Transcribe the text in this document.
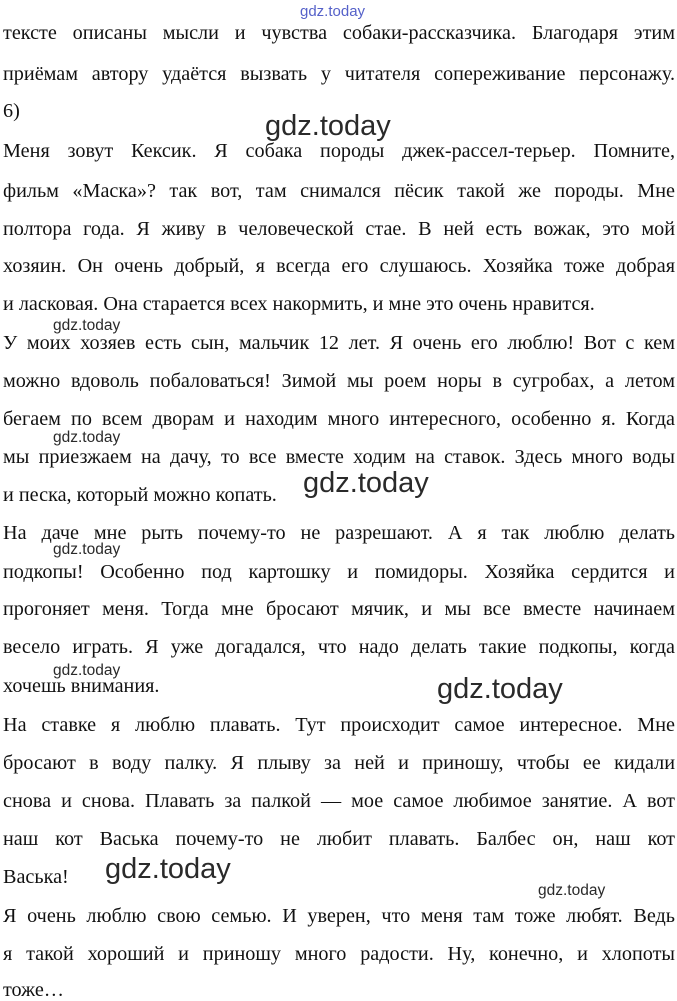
gdz.today
тексте описаны мысли и чувства собаки-рассказчика. Благодаря этим
приёмам автору удаётся вызвать у читателя сопереживание персонажу.
6)	gdz.today
Меня зовут Кексик. Я собака породы джек-рассел-терьер. Помните,
фильм «Маска»? так вот, там снимался пёсик такой же породы. Мне
полтора года. Я живу в человеческой стае. В ней есть вожак, это мой
хозяин. Он очень добрый, я всегда его слушаюсь. Хозяйка тоже добрая
и ласковая. Она старается всех накормить, и мне это очень нравится.
gdz.today
У моих хозяев есть сын, мальчик 12 лет. Я очень его люблю! Вот с кем
можно вдоволь побаловаться! Зимой мы роем норы в сугробах, а летом
бегаем по всем дворам и находим много интересного, особенно я. Когда
gdz.today
мы приезжаем на дачу, то все вместе ходим на ставок. Здесь много воды
gdz.today
и песка, который можно копать.
На даче мне рыть почему-то не разрешают. А я так люблю делать
gdz.today
подкопы! Особенно под картошку и помидоры. Хозяйка сердится и
прогоняет меня. Тогда мне бросают мячик, и мы все вместе начинаем
весело играть. Я уже догадался, что надо делать такие подкопы, когда
gdz.today
хочешь внимания.	gdz.today
На ставке я люблю плавать. Тут происходит самое интересное. Мне
бросают в воду палку. Я плыву за ней и приношу, чтобы ее кидали
снова и снова. Плавать за палкой — мое самое любимое занятие. А вот
наш кот Васька почему-то не любит плавать. Балбес он, наш кот
gdz.today
Васька!
gdz.today
Я очень люблю свою семью. И уверен, что меня там тоже любят. Ведь
я такой хороший и приношу много радости. Ну, конечно, и хлопоты
тоже…
